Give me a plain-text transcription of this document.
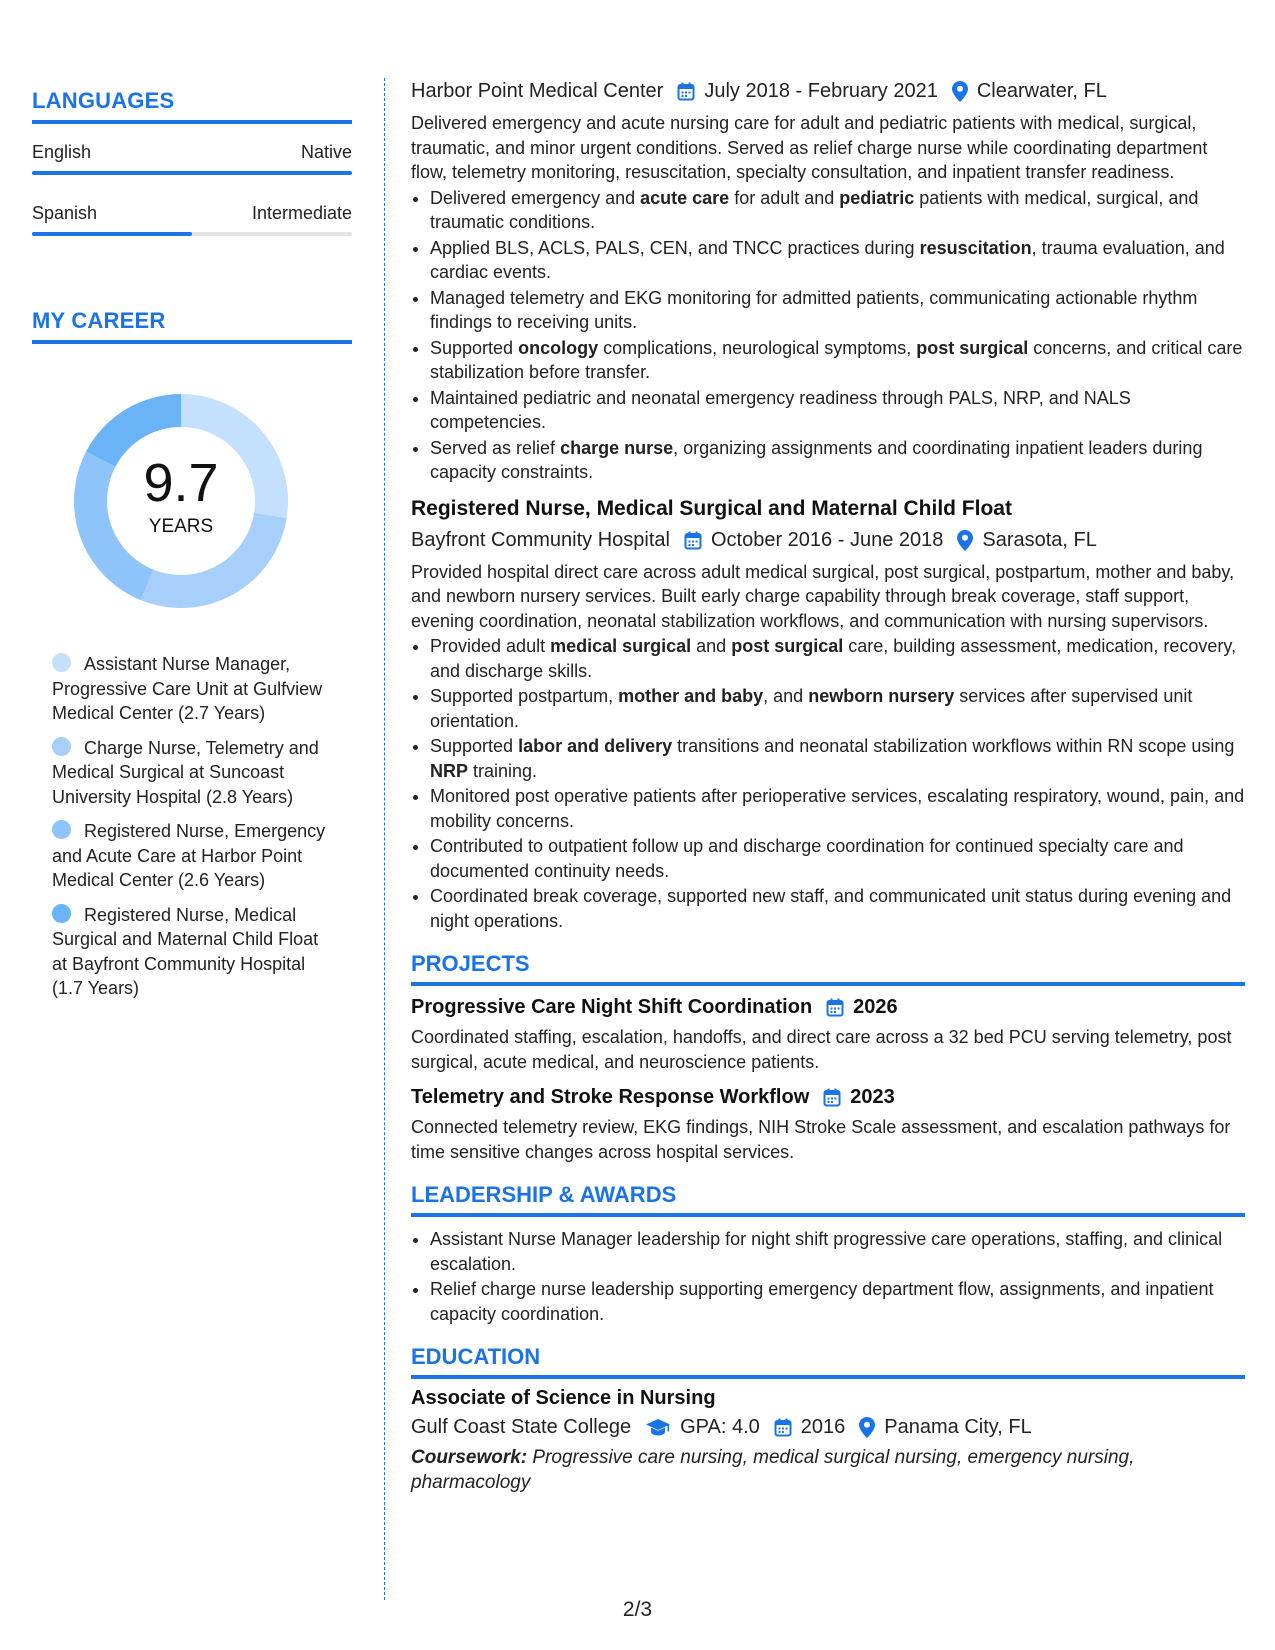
LANGUAGES
English	Native
Spanish	Intermediate
MY CAREER
9.7
YEARS
Assistant Nurse Manager, Progressive Care Unit at Gulfview Medical Center (2.7 Years)
Charge Nurse, Telemetry and Medical Surgical at Suncoast University Hospital (2.8 Years)
Registered Nurse, Emergency and Acute Care at Harbor Point Medical Center (2.6 Years)
Registered Nurse, Medical Surgical and Maternal Child Float at Bayfront Community Hospital (1.7 Years)
Harbor Point Medical Center July 2018 - February 2021 Clearwater, FL

Delivered emergency and acute nursing care for adult and pediatric patients with medical, surgical, traumatic, and minor urgent conditions. Served as relief charge nurse while coordinating department flow, telemetry monitoring, resuscitation, specialty consultation, and inpatient transfer readiness.

• Delivered emergency and acute care for adult and pediatric patients with medical, surgical, and traumatic conditions.
• Applied BLS, ACLS, PALS, CEN, and TNCC practices during resuscitation, trauma evaluation, and cardiac events.
• Managed telemetry and EKG monitoring for admitted patients, communicating actionable rhythm findings to receiving units.
• Supported oncology complications, neurological symptoms, post surgical concerns, and critical care stabilization before transfer.
• Maintained pediatric and neonatal emergency readiness through PALS, NRP, and NALS competencies.
• Served as relief charge nurse, organizing assignments and coordinating inpatient leaders during capacity constraints.
Registered Nurse, Medical Surgical and Maternal Child Float
Bayfront Community Hospital October 2016 - June 2018 Sarasota, FL

Provided hospital direct care across adult medical surgical, post surgical, postpartum, mother and baby, and newborn nursery services. Built early charge capability through break coverage, staff support, evening coordination, neonatal stabilization workflows, and communication with nursing supervisors.

• Provided adult medical surgical and post surgical care, building assessment, medication, recovery, and discharge skills.
• Supported postpartum, mother and baby, and newborn nursery services after supervised unit orientation.
• Supported labor and delivery transitions and neonatal stabilization workflows within RN scope using NRP training.
• Monitored post operative patients after perioperative services, escalating respiratory, wound, pain, and mobility concerns.
• Contributed to outpatient follow up and discharge coordination for continued specialty care and documented continuity needs.
• Coordinated break coverage, supported new staff, and communicated unit status during evening and night operations.
PROJECTS
Progressive Care Night Shift Coordination 2026

Coordinated staffing, escalation, handoffs, and direct care across a 32 bed PCU serving telemetry, post surgical, acute medical, and neuroscience patients.

Telemetry and Stroke Response Workflow 2023

Connected telemetry review, EKG findings, NIH Stroke Scale assessment, and escalation pathways for time sensitive changes across hospital services.

LEADERSHIP & AWARDS
• Assistant Nurse Manager leadership for night shift progressive care operations, staffing, and clinical escalation.
• Relief charge nurse leadership supporting emergency department flow, assignments, and inpatient capacity coordination.
EDUCATION
Associate of Science in Nursing
Gulf Coast State College GPA: 4.0 2016 Panama City, FL

Coursework: Progressive care nursing, medical surgical nursing, emergency nursing, pharmacology

2/3
